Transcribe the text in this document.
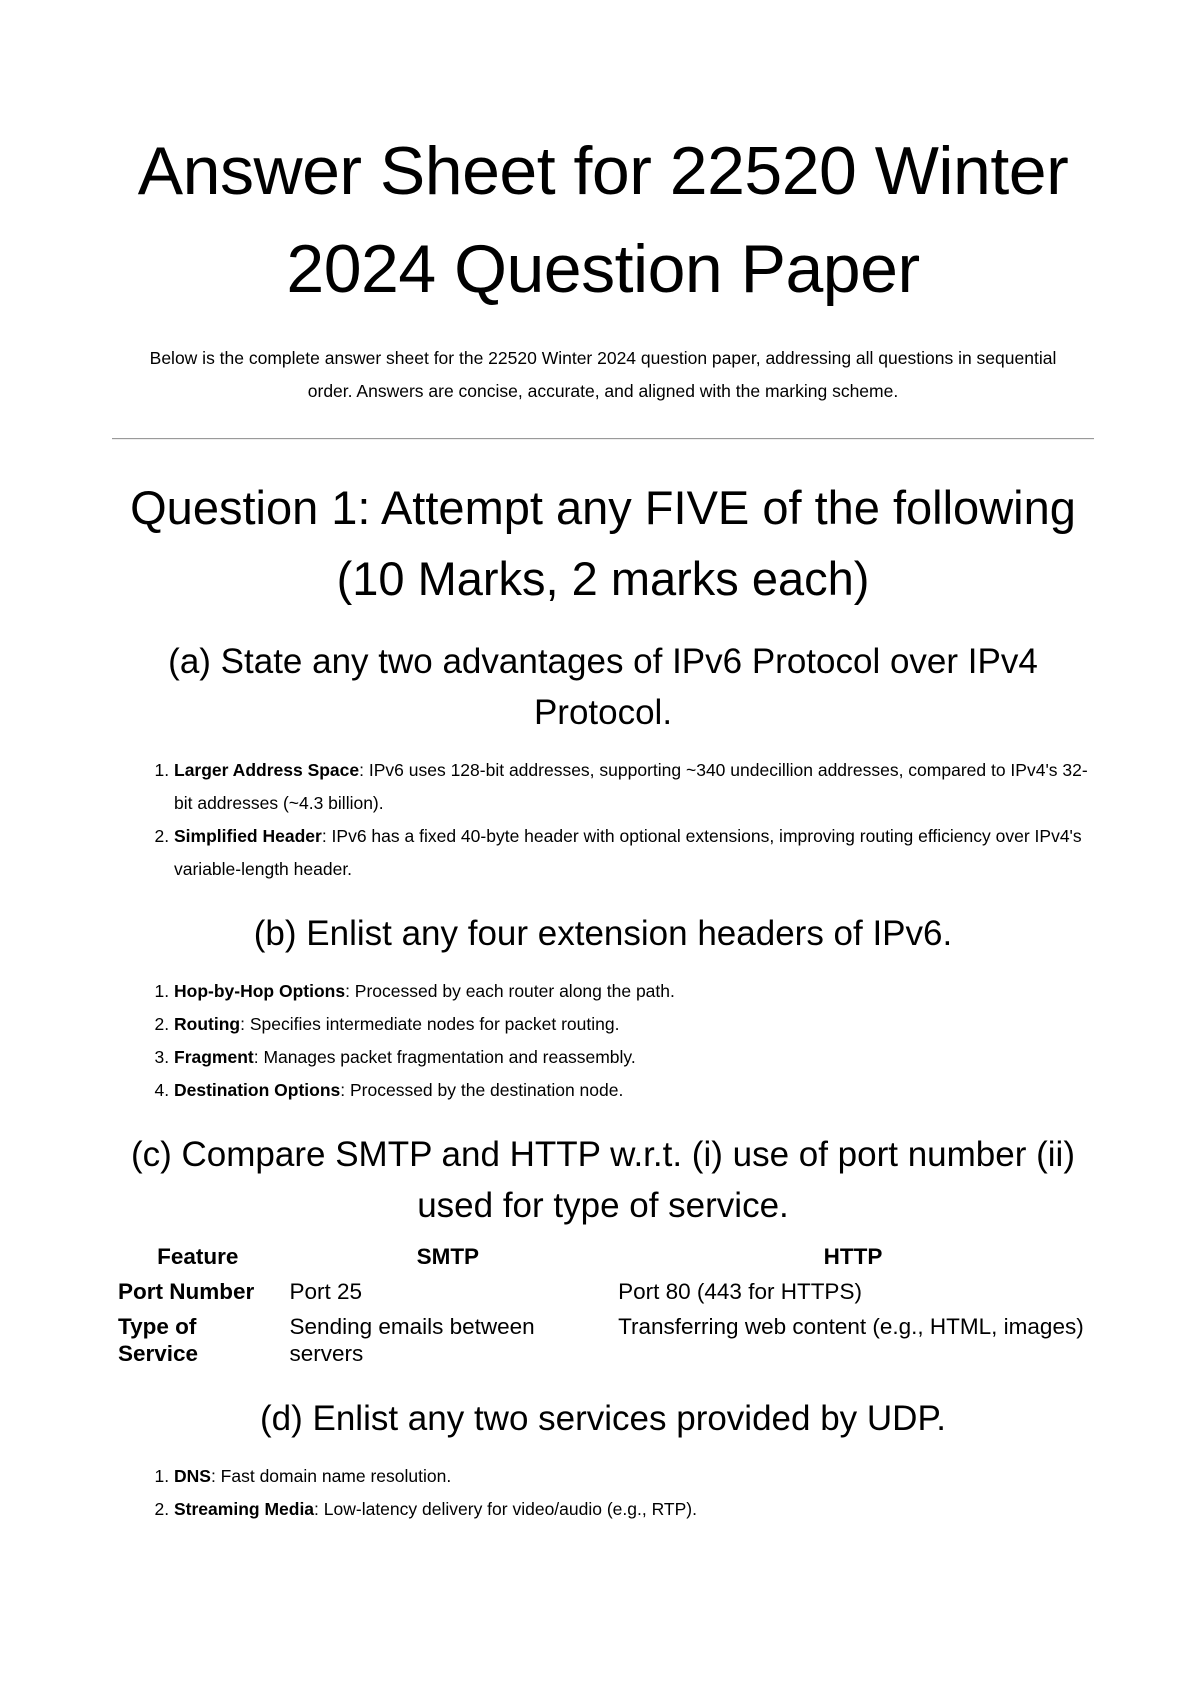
Answer Sheet for 22520 Winter 2024 Question Paper

Below is the complete answer sheet for the 22520 Winter 2024 question paper, addressing all questions in sequential order. Answers are concise, accurate, and aligned with the marking scheme.

Question 1: Attempt any FIVE of the following (10 Marks, 2 marks each)
(a) State any two advantages of IPv6 Protocol over IPv4 Protocol.
1. Larger Address Space: IPv6 uses 128-bit addresses, supporting ~340 undecillion addresses, compared to IPv4's 32-bit addresses (~4.3 billion).
2. Simplified Header: IPv6 has a fixed 40-byte header with optional extensions, improving routing efficiency over IPv4's variable-length header.
(b) Enlist any four extension headers of IPv6.
1. Hop-by-Hop Options: Processed by each router along the path.
2. Routing: Specifies intermediate nodes for packet routing.
3. Fragment: Manages packet fragmentation and reassembly.
4. Destination Options: Processed by the destination node.
(c) Compare SMTP and HTTP w.r.t. (i) use of port number (ii) used for type of service.
Feature	SMTP	HTTP
Port Number	Port 25	Port 80 (443 for HTTPS)
Type of Service	Sending emails between servers	Transferring web content (e.g., HTML, images)
(d) Enlist any two services provided by UDP.
1. DNS: Fast domain name resolution.
2. Streaming Media: Low-latency delivery for video/audio (e.g., RTP).
